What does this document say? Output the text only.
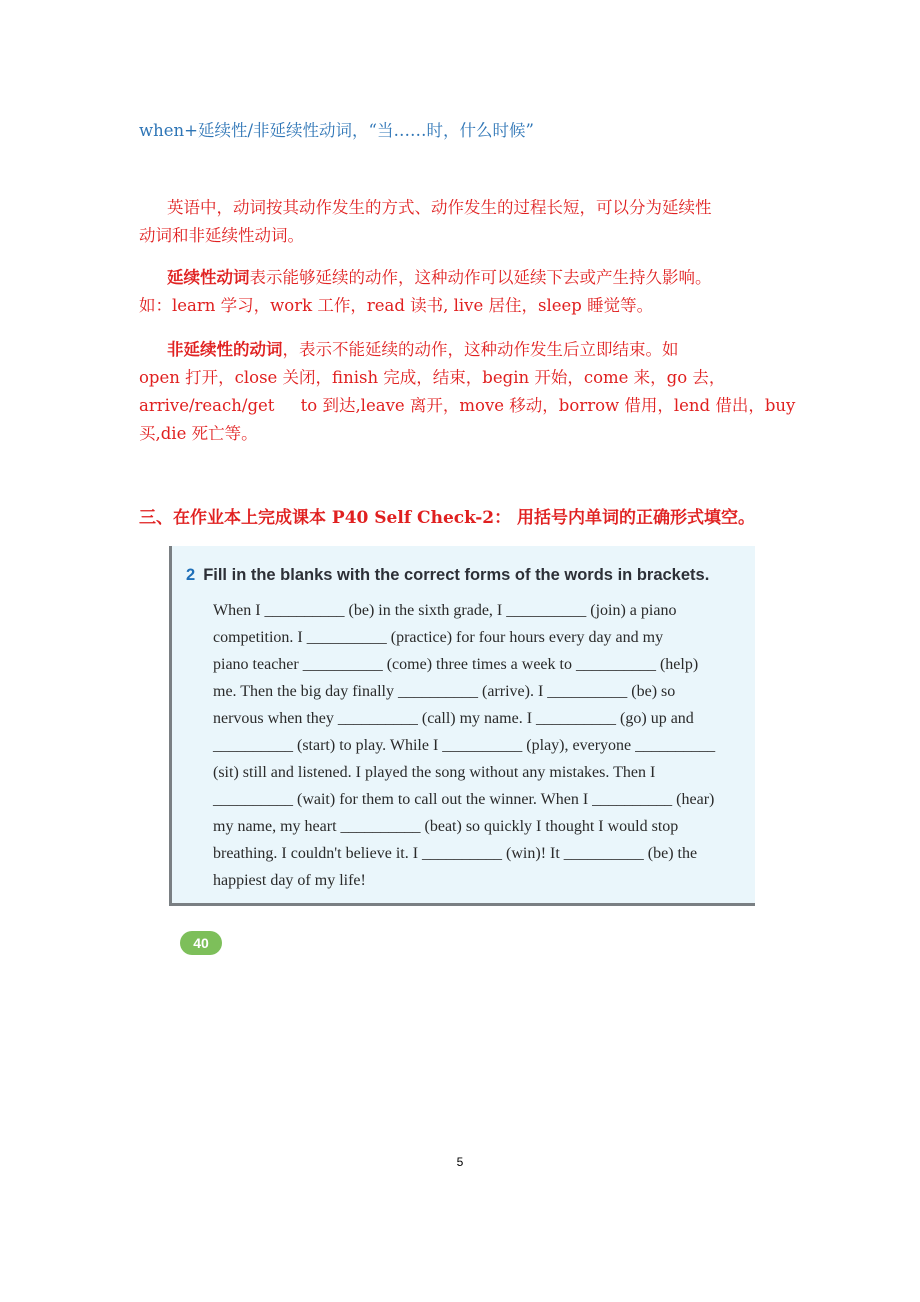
when+延续性/非延续性动词，“当……时，什么时候”
英语中，动词按其动作发生的方式、动作发生的过程长短，可以分为延续性
动词和非延续性动词。
延续性动词表示能够延续的动作，这种动作可以延续下去或产生持久影响。
如：learn 学习，work 工作，read 读书, live 居住，sleep 睡觉等。
非延续性的动词，表示不能延续的动作，这种动作发生后立即结束。如
open 打开，close 关闭，finish 完成，结束，begin 开始，come 来，go 去，
arrive/reach/get     to 到达,leave 离开，move 移动，borrow 借用，lend 借出，buy
买,die 死亡等。
三、在作业本上完成课本 P40 Self Check-2： 用括号内单词的正确形式填空。
2 Fill in the blanks with the correct forms of the words in brackets.
When I __________ (be) in the sixth grade, I __________ (join) a piano
competition. I __________ (practice) for four hours every day and my
piano teacher __________ (come) three times a week to __________ (help)
me. Then the big day finally __________ (arrive). I __________ (be) so
nervous when they __________ (call) my name. I __________ (go) up and
__________ (start) to play. While I __________ (play), everyone __________
(sit) still and listened. I played the song without any mistakes. Then I
__________ (wait) for them to call out the winner. When I __________ (hear)
my name, my heart __________ (beat) so quickly I thought I would stop
breathing. I couldn't believe it. I __________ (win)! It __________ (be) the
happiest day of my life!
40
5
